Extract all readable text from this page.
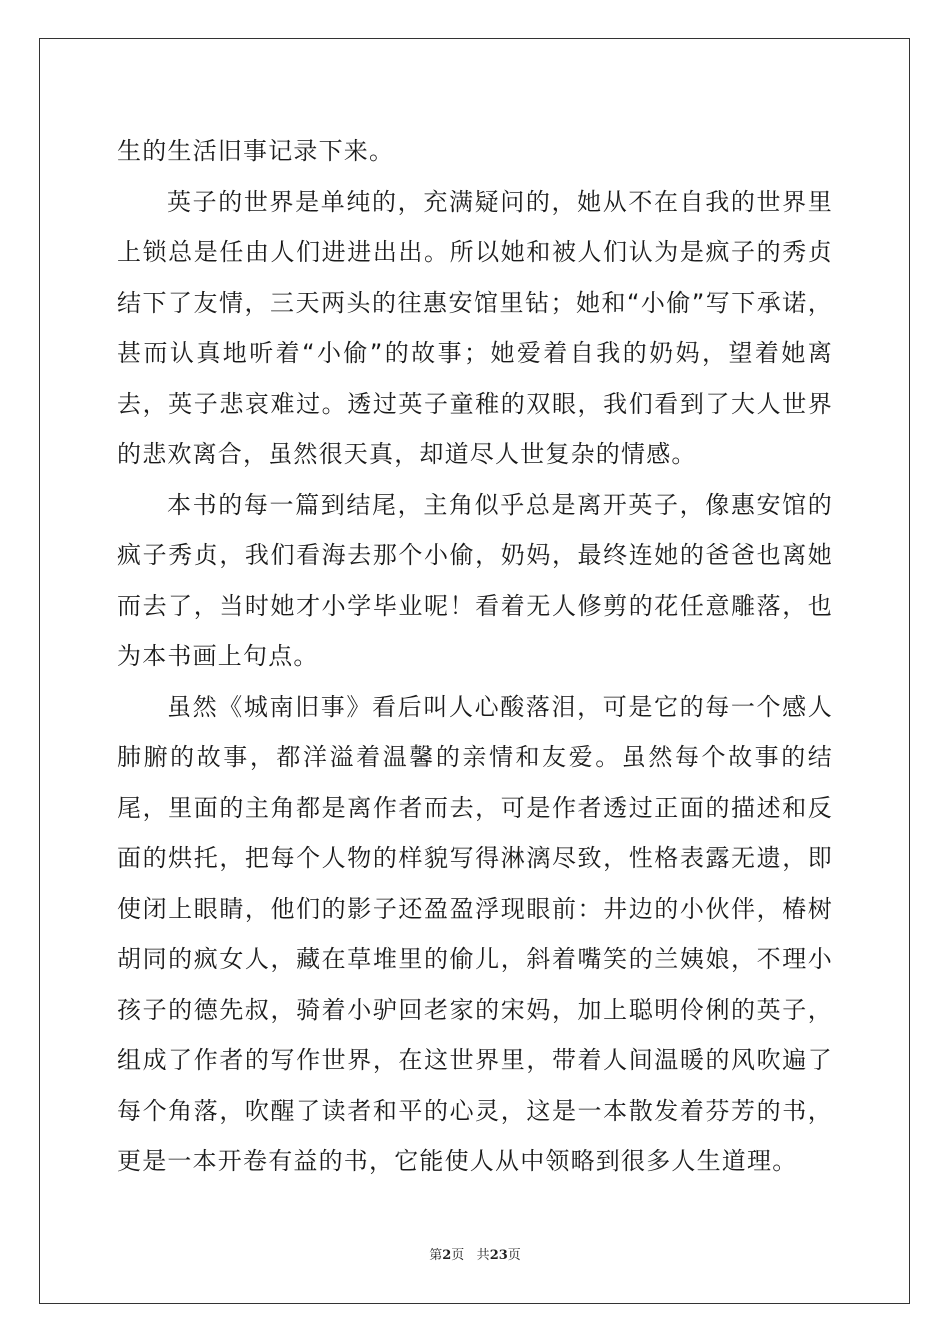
生的生活旧事记录下来。

英子的世界是单纯的，充满疑问的，她从不在自我的世界里上锁总是任由人们进进出出。所以她和被人们认为是疯子的秀贞结下了友情，三天两头的往惠安馆里钻；她和“小偷”写下承诺，甚而认真地听着“小偷”的故事；她爱着自我的奶妈，望着她离去，英子悲哀难过。透过英子童稚的双眼，我们看到了大人世界的悲欢离合，虽然很天真，却道尽人世复杂的情感。

本书的每一篇到结尾，主角似乎总是离开英子，像惠安馆的疯子秀贞，我们看海去那个小偷，奶妈，最终连她的爸爸也离她而去了，当时她才小学毕业呢！看着无人修剪的花任意雕落，也为本书画上句点。

虽然《城南旧事》看后叫人心酸落泪，可是它的每一个感人肺腑的故事，都洋溢着温馨的亲情和友爱。虽然每个故事的结尾，里面的主角都是离作者而去，可是作者透过正面的描述和反面的烘托，把每个人物的样貌写得淋漓尽致，性格表露无遗，即使闭上眼睛，他们的影子还盈盈浮现眼前：井边的小伙伴，椿树胡同的疯女人，藏在草堆里的偷儿，斜着嘴笑的兰姨娘，不理小孩子的德先叔，骑着小驴回老家的宋妈，加上聪明伶俐的英子，组成了作者的写作世界，在这世界里，带着人间温暖的风吹遍了每个角落，吹醒了读者和平的心灵，这是一本散发着芬芳的书，更是一本开卷有益的书，它能使人从中领略到很多人生道理。

第2页 共23页
